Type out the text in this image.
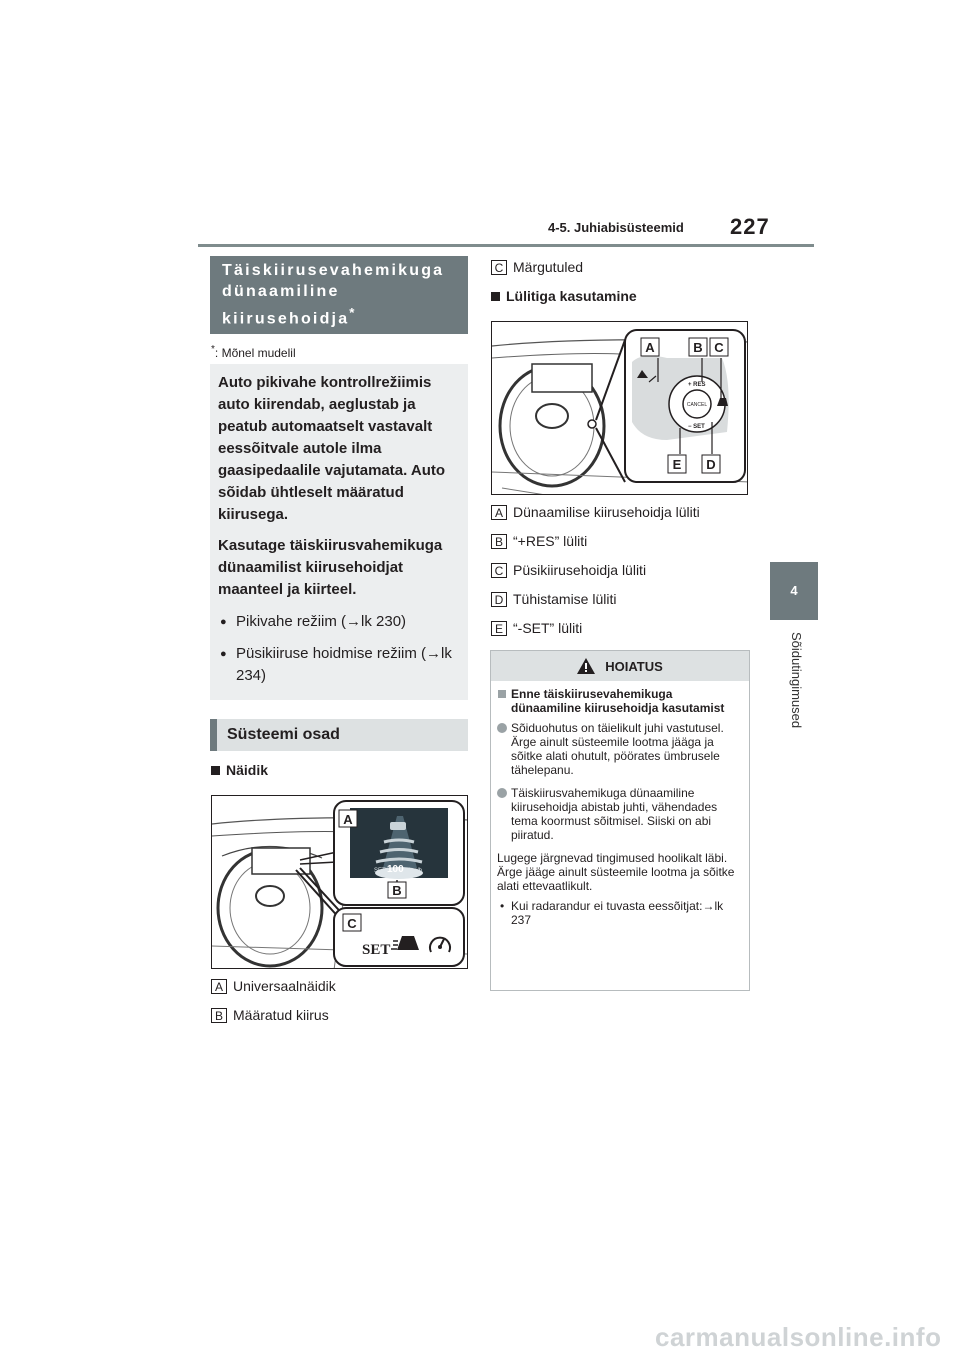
4-5. Juhiabisüsteemid 227
4
Sõidutingimused
Täiskiirusevahemikuga dünaamiline kiirusehoidja*
*: Mõnel mudelil
Auto pikivahe kontrollrežiimis auto kiirendab, aeglustab ja peatub automaatselt vastavalt eessõitvale autole ilma gaasipedaalile vajutamata. Auto sõidab ühtleselt määratud kiirusega.
Kasutage täiskiirusvahemikuga dünaamilist kiirusehoidjat maanteel ja kiirteel.
● Pikivahe režiim (→lk 230)
● Püsikiiruse hoidmise režiim (→lk 234)
Süsteemi osad
Näidik
A
SET 100 km/h
B
C
SET
A Universaalnäidik
B Määratud kiirus
C Märgutuled
Lülitiga kasutamine
CANCEL
+ RES
− SET
A	B C
E D
A Dünaamilise kiirusehoidja lüliti
B “+RES” lüliti
C Püsikiirusehoidja lüliti
D Tühistamise lüliti
E “-SET” lüliti
HOIATUS
Enne täiskiirusevahemikuga dünaamiline kiirusehoidja kasutamist
Sõiduohutus on täielikult juhi vastutusel. Ärge ainult süsteemile lootma jääga ja sõitke alati ohutult, pöörates ümbrusele tähelepanu.
Täiskiirusvahemikuga dünaamiline kiirusehoidja abistab juhti, vähendades tema koormust sõitmisel. Siiski on abi piiratud.
Lugege järgnevad tingimused hoolikalt läbi. Ärge jääge ainult süsteemile lootma ja sõitke alati ettevaatlikult.
• Kui radarandur ei tuvasta eessõitjat:→lk 237
carmanualsonline.info
